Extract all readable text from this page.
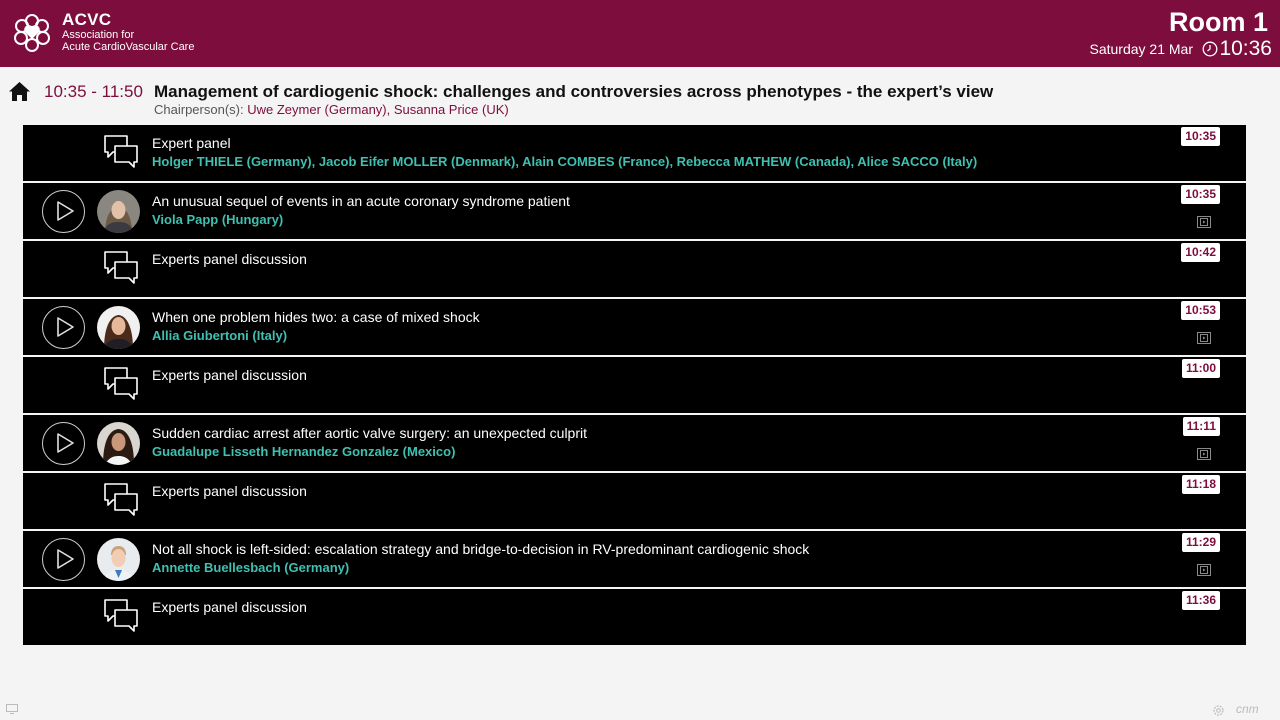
ACVC
Association for
Acute CardioVascular Care
Room 1
Saturday 21 Mar 10:36
10:35 - 11:50 Management of cardiogenic shock: challenges and controversies across phenotypes - the expert’s view
Chairperson(s): Uwe Zeymer (Germany), Susanna Price (UK)
Expert panel
Holger THIELE (Germany), Jacob Eifer MOLLER (Denmark), Alain COMBES (France), Rebecca MATHEW (Canada), Alice SACCO (Italy)
10:35
An unusual sequel of events in an acute coronary syndrome patient
Viola Papp (Hungary)
10:35
Experts panel discussion	10:42
When one problem hides two: a case of mixed shock
Allia Giubertoni (Italy)
10:53
Experts panel discussion	11:00
Sudden cardiac arrest after aortic valve surgery: an unexpected culprit
Guadalupe Lisseth Hernandez Gonzalez (Mexico)
11:11
Experts panel discussion	11:18
Not all shock is left-sided: escalation strategy and bridge-to-decision in RV-predominant cardiogenic shock
Annette Buellesbach (Germany)
11:29
Experts panel discussion	11:36
cnm
